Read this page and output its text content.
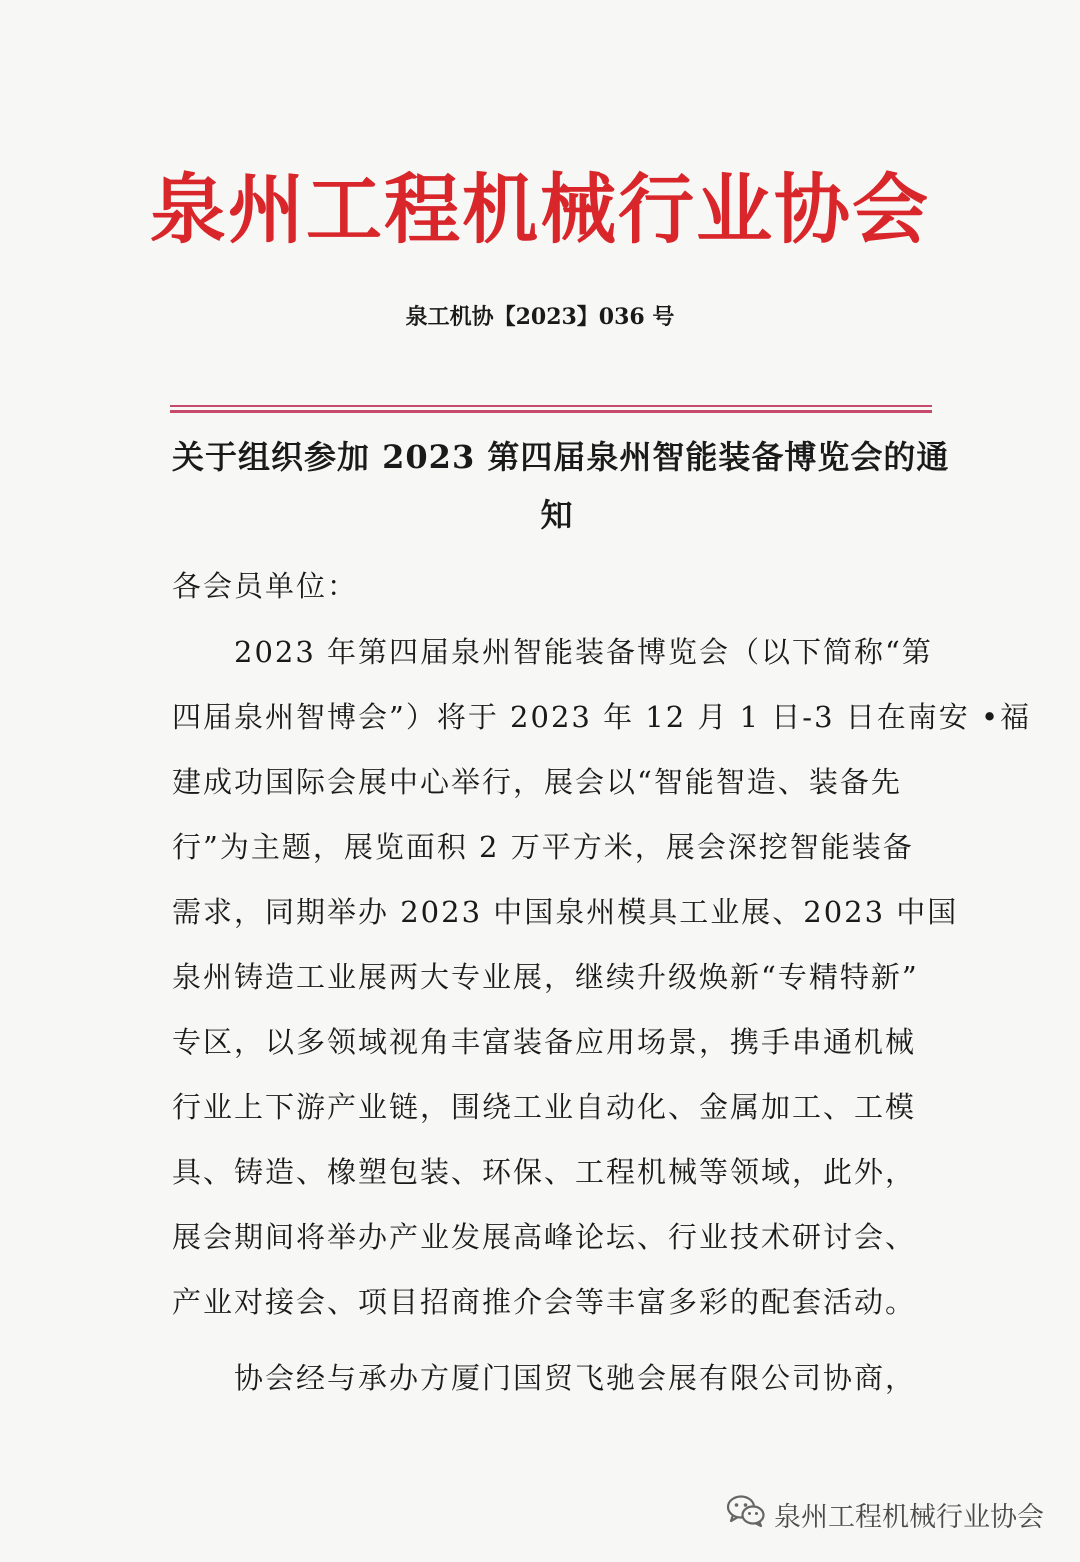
泉州工程机械行业协会
泉工机协【2023】036 号
关于组织参加 2023 第四届泉州智能装备博览会的通
知
各会员单位：
2023 年第四届泉州智能装备博览会（以下简称“第
四届泉州智博会”）将于 2023 年 12 月 1 日-3 日在南安 •福
建成功国际会展中心举行，展会以“智能智造、装备先
行”为主题，展览面积 2 万平方米，展会深挖智能装备
需求，同期举办 2023 中国泉州模具工业展、2023 中国
泉州铸造工业展两大专业展，继续升级焕新“专精特新”
专区，以多领域视角丰富装备应用场景，携手串通机械
行业上下游产业链，围绕工业自动化、金属加工、工模
具、铸造、橡塑包装、环保、工程机械等领域，此外，
展会期间将举办产业发展高峰论坛、行业技术研讨会、
产业对接会、项目招商推介会等丰富多彩的配套活动。
协会经与承办方厦门国贸飞驰会展有限公司协商，
泉州工程机械行业协会
